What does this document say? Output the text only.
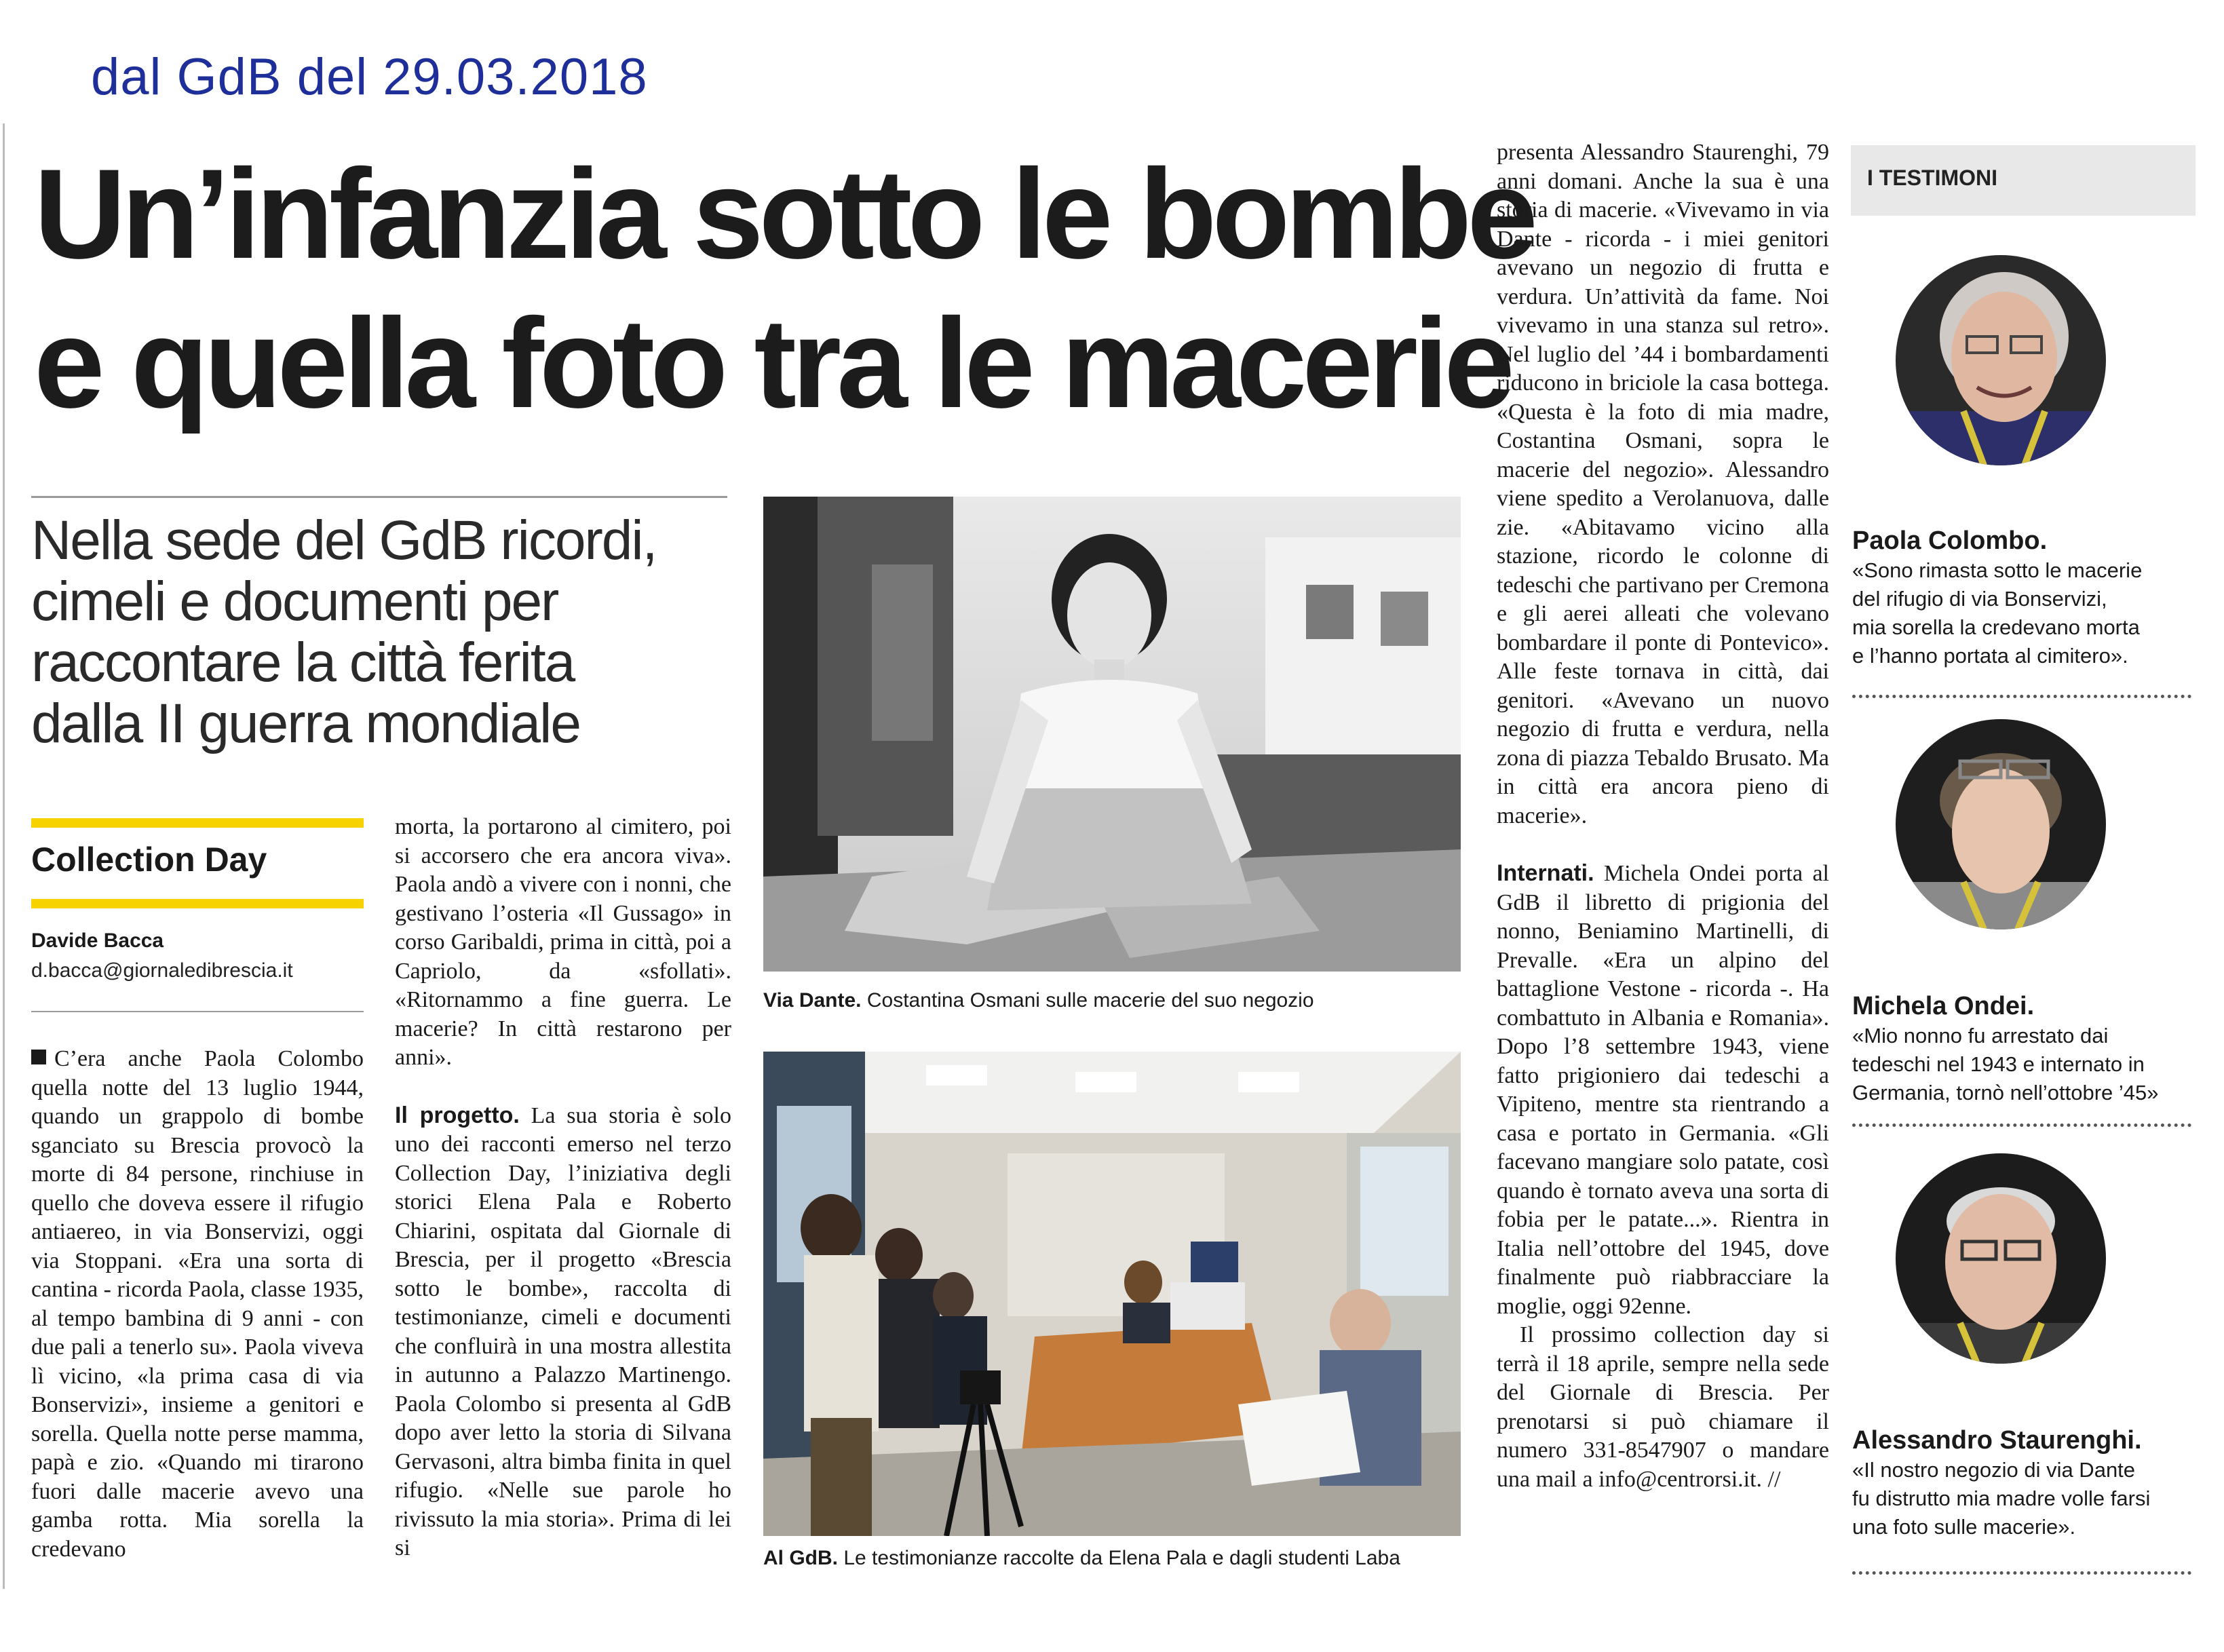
dal GdB del 29.03.2018
Un’infanzia sotto le bombe
e quella foto tra le macerie
Nella sede del GdB ricordi,
cimeli e documenti per
raccontare la città ferita
dalla II guerra mondiale
Collection Day
Davide Bacca
d.bacca@giornaledibrescia.it

C’era anche Paola Colombo quella notte del 13 luglio 1944, quando un grappolo di bombe sganciato su Brescia provocò la morte di 84 persone, rinchiuse in quello che doveva essere il rifugio antiaereo, in via Bonservizi, oggi via Stoppani. «Era una sorta di cantina - ricorda Paola, classe 1935, al tempo bambina di 9 anni - con due pali a tenerlo su». Paola viveva lì vicino, «la prima casa di via Bonservizi», insieme a genitori e sorella. Quella notte perse mamma, papà e zio. «Quando mi tirarono fuori dalle macerie avevo una gamba rotta. Mia sorella la credevano

morta, la portarono al cimitero, poi si accorsero che era ancora viva». Paola andò a vivere con i nonni, che gestivano l’osteria «Il Gussago» in corso Garibaldi, prima in città, poi a Capriolo, da «sfollati». «Ritornammo a fine guerra. Le macerie? In città restarono per anni».

Il progetto. La sua storia è solo uno dei racconti emerso nel terzo Collection Day, l’iniziativa degli storici Elena Pala e Roberto Chiarini, ospitata dal Giornale di Brescia, per il progetto «Brescia sotto le bombe», raccolta di testimonianze, cimeli e documenti che confluirà in una mostra allestita in autunno a Palazzo Martinengo. Paola Colombo si presenta al GdB dopo aver letto la storia di Silvana Gervasoni, altra bimba finita in quel rifugio. «Nelle sue parole ho rivissuto la mia storia». Prima di lei si

presenta Alessandro Staurenghi, 79 anni domani. Anche la sua è una storia di macerie. «Vivevamo in via Dante - ricorda - i miei genitori avevano un negozio di frutta e verdura. Un’attività da fame. Noi vivevamo in una stanza sul retro». Nel luglio del ’44 i bombardamenti riducono in briciole la casa bottega. «Questa è la foto di mia madre, Costantina Osmani, sopra le macerie del negozio». Alessandro viene spedito a Verolanuova, dalle zie. «Abitavamo vicino alla stazione, ricordo le colonne di tedeschi che partivano per Cremona e gli aerei alleati che volevano bombardare il ponte di Pontevico». Alle feste tornava in città, dai genitori. «Avevano un nuovo negozio di frutta e verdura, nella zona di piazza Tebaldo Brusato. Ma in città era ancora pieno di macerie».

Internati. Michela Ondei porta al GdB il libretto di prigionia del nonno, Beniamino Martinelli, di Prevalle. «Era un alpino del battaglione Vestone - ricorda -. Ha combattuto in Albania e Romania». Dopo l’8 settembre 1943, viene fatto prigioniero dai tedeschi a Vipiteno, mentre sta rientrando a casa e portato in Germania. «Gli facevano mangiare solo patate, così quando è tornato aveva una sorta di fobia per le patate...». Rientra in Italia nell’ottobre del 1945, dove finalmente può riabbracciare la moglie, oggi 92enne.

Il prossimo collection day si terrà il 18 aprile, sempre nella sede del Giornale di Brescia. Per prenotarsi si può chiamare il numero 331-8547907 o mandare una mail a info@centrorsi.it. //

Via Dante. Costantina Osmani sulle macerie del suo negozio
Al GdB. Le testimonianze raccolte da Elena Pala e dagli studenti Laba
I TESTIMONI
Paola Colombo.
«Sono rimasta sotto le macerie
del rifugio di via Bonservizi,
mia sorella la credevano morta
e l’hanno portata al cimitero».
Michela Ondei.
«Mio nonno fu arrestato dai
tedeschi nel 1943 e internato in
Germania, tornò nell’ottobre ’45»
Alessandro Staurenghi.
«Il nostro negozio di via Dante
fu distrutto mia madre volle farsi
una foto sulle macerie».
